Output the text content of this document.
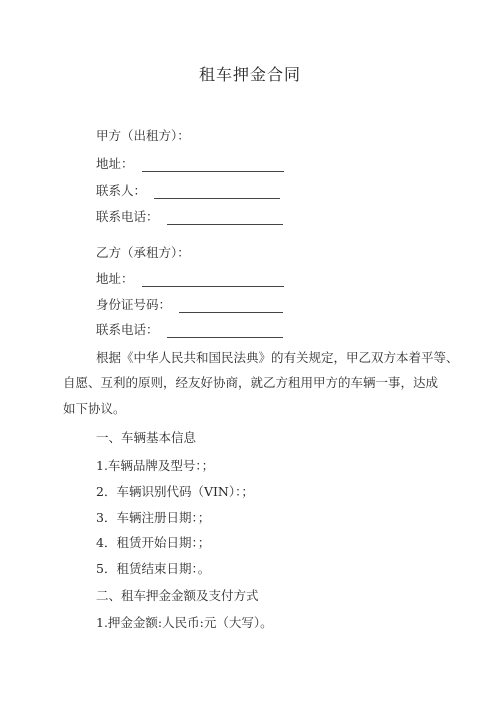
租车押金合同
甲方（出租方）：
地址：
联系人：
联系电话：
乙方（承租方）：
地址：
身份证号码：
联系电话：
根据《中华人民共和国民法典》的有关规定，甲乙双方本着平等、
自愿、互利的原则，经友好协商，就乙方租用甲方的车辆一事，达成
如下协议。
一、车辆基本信息
1.车辆品牌及型号：；
2．车辆识别代码（VIN）：；
3．车辆注册日期：；
4．租赁开始日期：；
5．租赁结束日期：。
二、租车押金金额及支付方式
1.押金金额:人民币:元（大写）。
